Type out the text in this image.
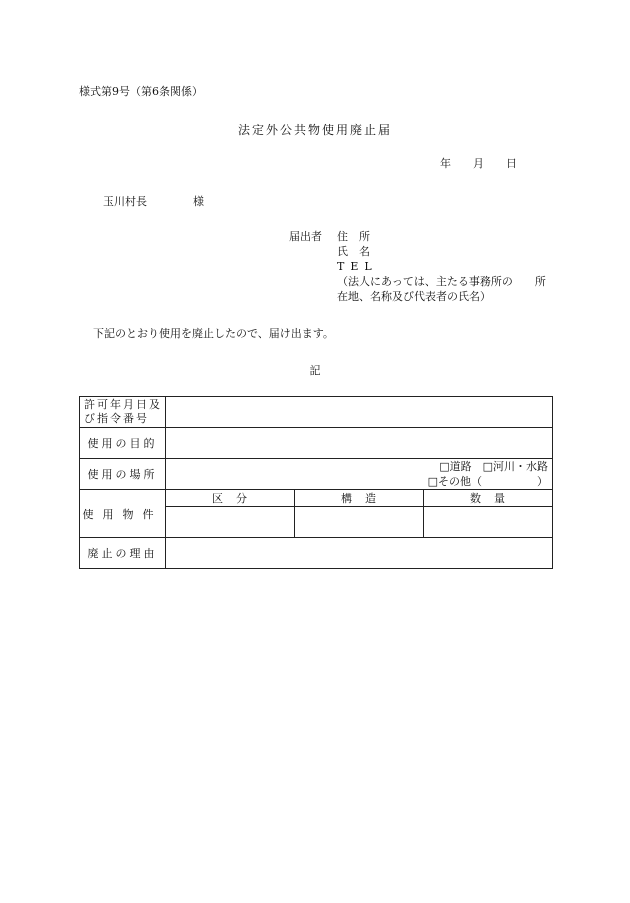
様式第9号（第6条関係）
法定外公共物使用廃止届
年 月 日
玉川村長	様
届出者	住　所
氏　名
TEL
（法人にあっては、主たる事務所の　　所
在地、名称及び代表者の氏名）
下記のとおり使用を廃止したので、届け出ます。
記
許可年月日及
び指令番号			

使用の目的			
使用の場所	□道路　□河川・水路
□その他（　　　　　）		

使用物件	区　分	構　造	数　量

廃止の理由			
